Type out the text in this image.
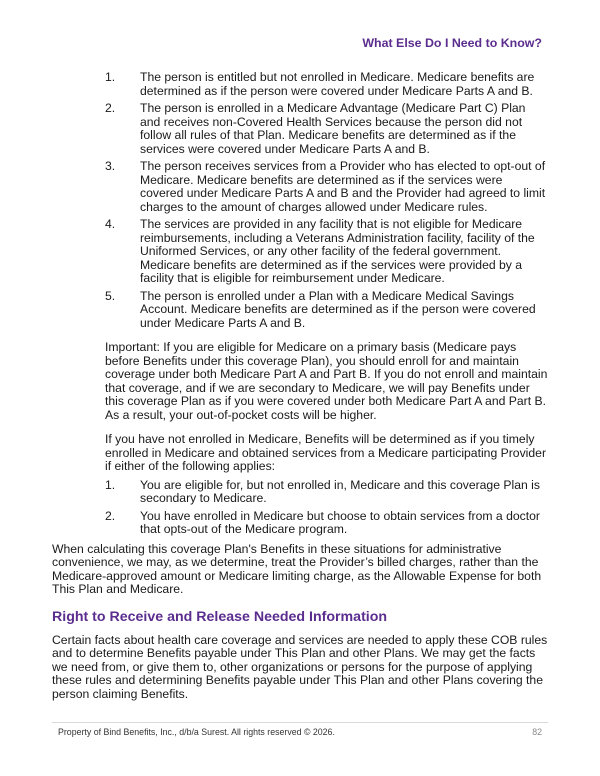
What Else Do I Need to Know?
1. The person is entitled but not enrolled in Medicare. Medicare benefits are determined as if the person were covered under Medicare Parts A and B.
2. The person is enrolled in a Medicare Advantage (Medicare Part C) Plan and receives non-Covered Health Services because the person did not follow all rules of that Plan. Medicare benefits are determined as if the services were covered under Medicare Parts A and B.
3. The person receives services from a Provider who has elected to opt-out of Medicare. Medicare benefits are determined as if the services were covered under Medicare Parts A and B and the Provider had agreed to limit charges to the amount of charges allowed under Medicare rules.
4. The services are provided in any facility that is not eligible for Medicare reimbursements, including a Veterans Administration facility, facility of the Uniformed Services, or any other facility of the federal government. Medicare benefits are determined as if the services were provided by a facility that is eligible for reimbursement under Medicare.
5. The person is enrolled under a Plan with a Medicare Medical Savings Account. Medicare benefits are determined as if the person were covered under Medicare Parts A and B.

Important: If you are eligible for Medicare on a primary basis (Medicare pays before Benefits under this coverage Plan), you should enroll for and maintain coverage under both Medicare Part A and Part B. If you do not enroll and maintain that coverage, and if we are secondary to Medicare, we will pay Benefits under this coverage Plan as if you were covered under both Medicare Part A and Part B. As a result, your out-of-pocket costs will be higher.

If you have not enrolled in Medicare, Benefits will be determined as if you timely enrolled in Medicare and obtained services from a Medicare participating Provider if either of the following applies:

1. You are eligible for, but not enrolled in, Medicare and this coverage Plan is secondary to Medicare.
2. You have enrolled in Medicare but choose to obtain services from a doctor that opts-out of the Medicare program.

When calculating this coverage Plan's Benefits in these situations for administrative convenience, we may, as we determine, treat the Provider’s billed charges, rather than the Medicare-approved amount or Medicare limiting charge, as the Allowable Expense for both This Plan and Medicare.

Right to Receive and Release Needed Information

Certain facts about health care coverage and services are needed to apply these COB rules and to determine Benefits payable under This Plan and other Plans. We may get the facts we need from, or give them to, other organizations or persons for the purpose of applying these rules and determining Benefits payable under This Plan and other Plans covering the person claiming Benefits.

Property of Bind Benefits, Inc., d/b/a Surest. All rights reserved © 2026.	82
